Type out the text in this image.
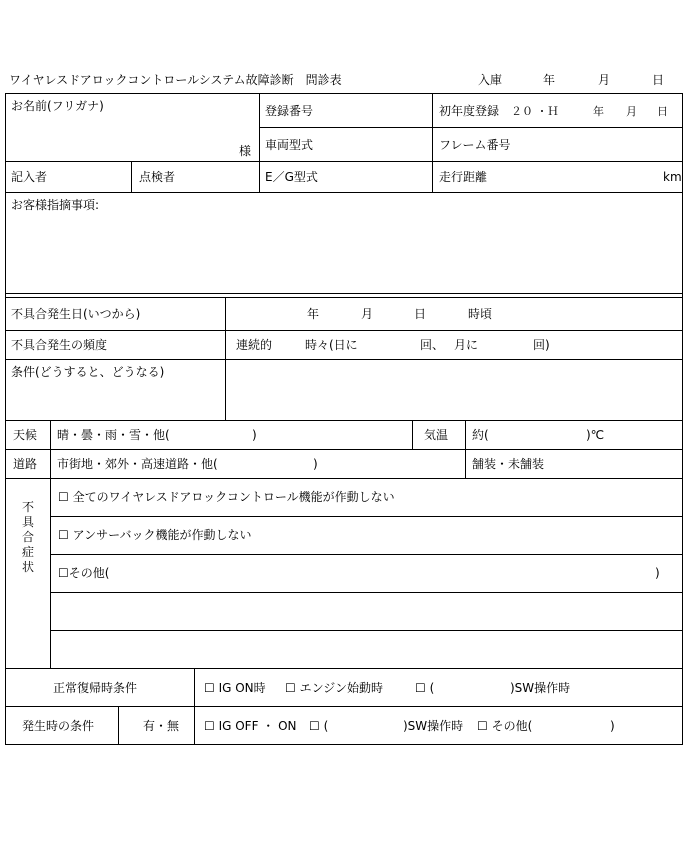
ワイヤレスドアロックコントロールシステム故障診断　問診表	入庫	年	月	日
お名前(フリガナ)
様
登録番号	初年度登録 ２０ ・Ｈ	年 月 日
車両型式	フレーム番号
記入者	点検者	E／G型式	走行距離	km
お客様指摘事項:
不具合発生日(いつから)	年	月	日	時頃
不具合発生の頻度	連続的	時々(日に	回、 月に	回)
条件(どうすると、どうなる)
天候 晴・曇・雨・雪・他(	)	気温 約(	)℃
道路 市街地・郊外・高速道路・他(	)	舗装・未舗装
不具合症状
☐ 全てのワイヤレスドアロックコントロール機能が作動しない
☐ アンサーバック機能が作動しない
☐その他(	)
正常復帰時条件	☐ IG ON時 ☐ エンジン始動時	☐ (	)SW操作時
発生時の条件	有・無 ☐ IG OFF ・ ON ☐ (	)SW操作時 ☐ その他(	)
